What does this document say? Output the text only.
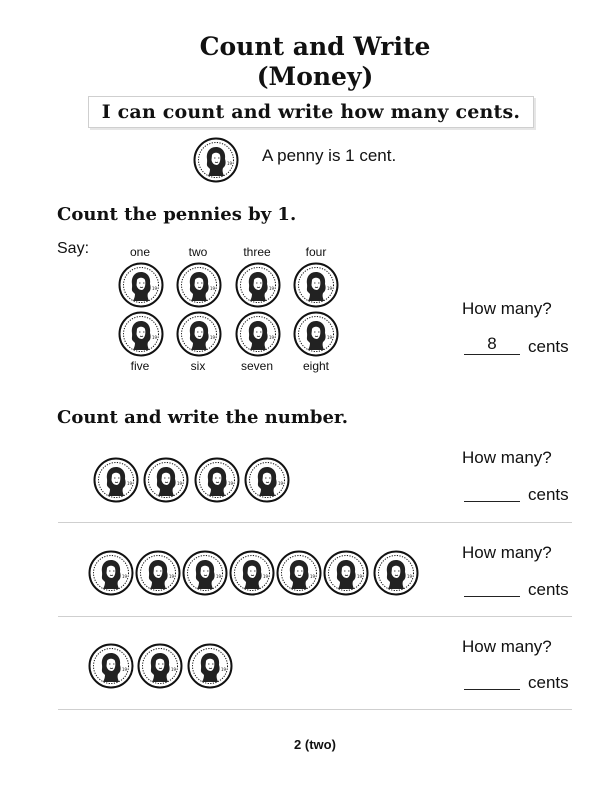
Count and Write
(Money)
I can count and write how many cents.
A penny is 1 cent.
Count the pennies by 1.
Say:	one	two	three	four
five	six	seven	eight
How many?
8	cents
Count and write the number.
How many?
cents
How many?
cents
How many?
cents
2 (two)
